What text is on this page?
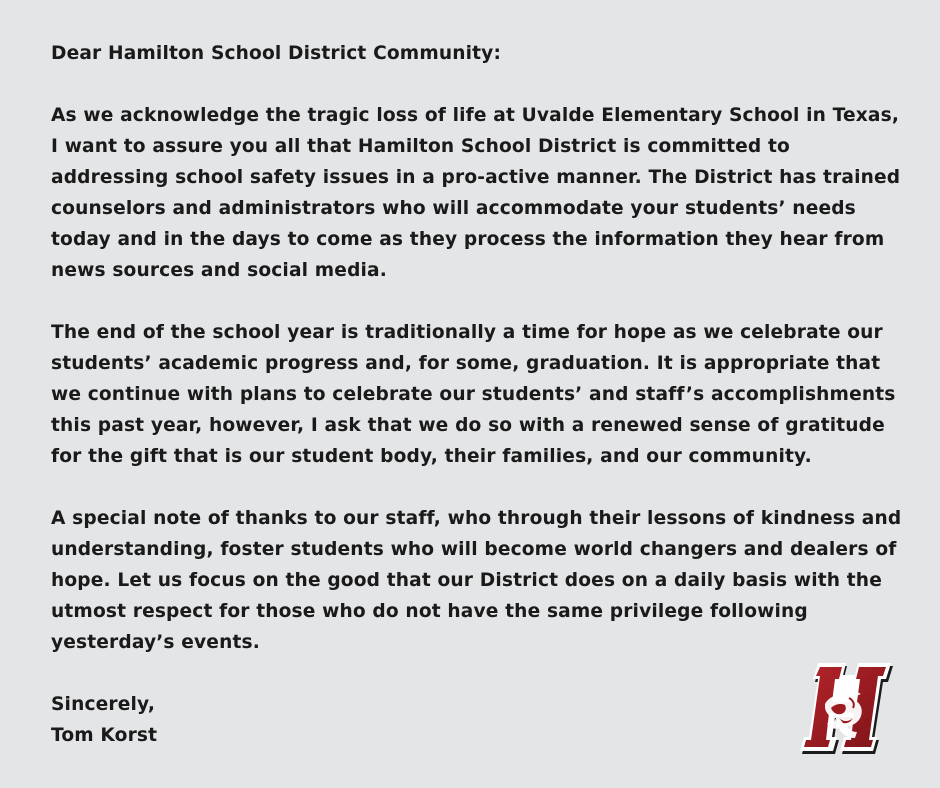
Dear Hamilton School District Community:

As we acknowledge the tragic loss of life at Uvalde Elementary School in Texas,
I want to assure you all that Hamilton School District is committed to
addressing school safety issues in a pro-active manner. The District has trained
counselors and administrators who will accommodate your students’ needs
today and in the days to come as they process the information they hear from
news sources and social media.

The end of the school year is traditionally a time for hope as we celebrate our
students’ academic progress and, for some, graduation. It is appropriate that
we continue with plans to celebrate our students’ and staff’s accomplishments
this past year, however, I ask that we do so with a renewed sense of gratitude
for the gift that is our student body, their families, and our community.

A special note of thanks to our staff, who through their lessons of kindness and
understanding, foster students who will become world changers and dealers of
hope. Let us focus on the good that our District does on a daily basis with the
utmost respect for those who do not have the same privilege following
yesterday’s events.

Sincerely,
Tom Korst
